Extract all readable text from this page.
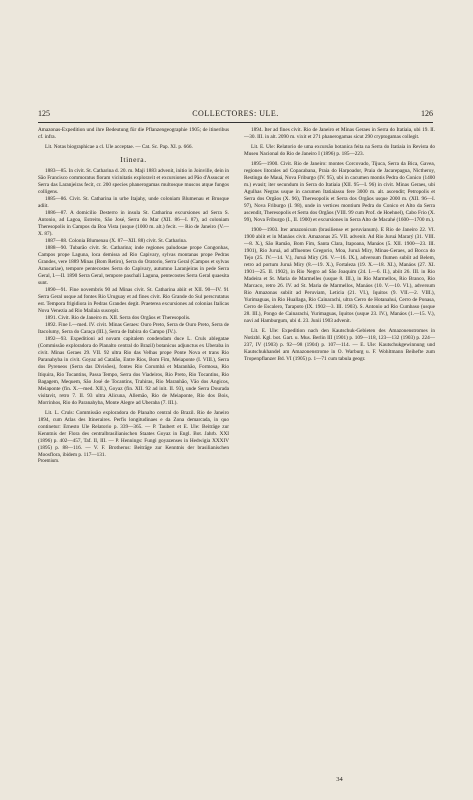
125	COLLECTORES: ULE.	126

Amazonas-Expedition und ihre Bedeutung für die Pflanzengeographie 1905; de itineribus cf. infra.

Lit. Notas biographicae a cl. Ule acceptae. — Cat. Sc. Pap. XI. p. 666.

Itinera.

1883—85. In civit. St. Catharina d. 20. m. Maji 1883 advenit, initio in Joinville, dein in São Francisco commoratus floram vicinitatis exploravit et excursiones ad Pão d'Assucar et Serra das Laranjeiras fecit, cr. 200 species phanerogamas multosque muscos atque fungos colligens.

1885—86. Civit. St. Catharina in urbe Itajahy, unde coloniam Blumenau et Brusque adiit.

1886—87. A domicilio Desterro in insula St. Catharina excursiones ad Serra S. Antonio, ad Lagoa, Estreito, São José, Serra do Mar (XII. 86—I. 87), ad coloniam Theresopolis in Campos da Boa Vista (usque (1000 m. alt.) fecit. — Rio de Janeiro (V.—X. 87).

1887—88. Colonia Blumenau (X. 87—XII. 88) civit. St. Catharina.

1888—90. Tubarão civit. St. Catharina; inde regiones paludosae prope Congonhas, Campos prope Laguna, loca demissa ad Rio Capivary, sylvas montanas prope Pedras Grandes, vere 1889 Minas (Bom Retiro), Serra do Oratorio, Serra Geral (Campos et sylvas Araucariae), tempore pentecostes Serra do Capivary, autumno Laranjeiras in pede Serra Geral, I.—II. 1890 Serra Geral, tempore paschali Laguna, pentecostes Serra Geral quaesita sunt.

1890—91. Fine novembris 90 ad Minas civit. St. Catharina abiit et XII. 90—IV. 91 Serra Geral usque ad fontes Rio Uruguay et ad fines civit. Rio Grande do Sul perscrutatus est. Tempora frigidiora in Pedras Grandes degit. Praeterea excursiones ad colonias Italicas Nova Venezia ad Rio Mailaia suscepit.

1891. Civit. Rio de Janeiro m. XII. Serra dos Orgãos et Theresopolis.

1892. Fine I.—med. IV. civit. Minas Geraes: Ouro Preto, Serra de Ouro Preto, Serra de Itacolumy, Serra do Caraça (III.), Serra de Itabira do Campo (IV.).

1892—93. Expeditioni ad novam capitalem condendam duce L. Cruls ablegatae (Commissão exploradora do Planalto central do Brazil) botanicus adjunctus ex Uberaba in civit. Minas Geraes 29. VII. 92 ultra Rio das Velhas prope Ponte Nova et trans Rio Paranahyba in civit. Goyaz ad Catalão, Entre Rios, Bom Fim, Meiaponte (I. VIII.), Serra dos Pyreneos (Serra das Divisões), fontes Rio Corumbá et Maranhão, Formosa, Rio Itiquira, Rio Tocantins, Passa Tempo, Serra dos Viadeiros, Rio Preto, Rio Tocantins, Rio Bagagem, Mequem, São José de Tocantins, Trahiras, Rio Maranhão, Vão dos Angicos, Meiaponte (fin. X.—med. XII.), Goyaz (fin. XII. 92 ad init. II. 93), unde Serra Dourada visitavit, retro 7. II. 93 ultra Alicuna, Allemão, Rio de Meiaponte, Rio dos Bois, Morrinhos, Rio do Paranahyba, Monte Alegre ad Uberaba (7. III.).

Lit. L. Cruls: Commissão exploradora do Planalto central do Brazil. Rio de Janeiro 1894, cum Atlas des Itineraires. Perfis longitudinaes e da Zona demarcada, in quo continetur: Ernesto Ule Relatorio p. 339—365. — P. Taubert et E. Ule: Beiträge zur Kenntnis der Flora des centralbrasilianischen Staates Goyaz in Engl. Bot. Jahrb. XXI (1896) p. 402—457, Taf. II, III. — P. Hennings: Fungi goyazenses in Hedwigia XXXIV (1895) p. 88—116. — V. F. Brotherus: Beiträge zur Kenntnis der brasilianischen Moosflora, ibidem p. 117—131.

Proemium.

1894. Iter ad fines civit. Rio de Janeiro et Minas Geraes in Serra do Itatiaia, ubi 19. II.—30. III. in alt. 2090 m. vixit et 271 phanerogamas sicut 290 cryptogamas collegit.

Lit. E. Ule: Relatorio de uma excursão botanica feita na Serra do Itatiaia in Revista do Museu Nacional do Rio de Janeiro I (1896) p. 185—223.

1895—1900. Civit. Rio de Janeiro: montes Corcovado, Tijuca, Serra da Bica, Gavea, regiones litorales ad Copacabana, Praia do Harpoador, Praia de Jacarepagua, Nictheroy, Restinga de Mauá, Nova Friburgo (IV. 95), ubi in cacumen montis Pedra do Conico (1400 m.) evasit; iter secundum in Serra do Itatiaia (XII. 95—I. 96) in civit. Minas Geraes, ubi Agulhas Negras usque in cacumen Itatiaiassu fere 3000 m. alt. ascendit; Petropolis et Serra dos Orgãos (X. 96), Theresopolis et Serra dos Orgãos usque 2000 m. (XII. 96—I. 97), Nova Friburgo (I. 98), unde in vertices montium Pedra do Conico et Alto da Serra ascendit, Theresopolis et Serra dos Orgãos (VIII. 99 cum Prof. de Hoehnel), Cabo Frio (X. 99), Nova Friburgo (I., II. 1900) et excursiones in Serra Alto de Macahé (1600—1700 m.).

1900—1903. Iter amazonicum (brasiliense et peruvianum). E Rio de Janeiro 22. VI. 1900 abiit et in Manáos civit. Amazonas 25. VII. advenit. Ad Rio Juruá Mararý (31. VIII.—8. X.), São Ramão, Bom Fim, Santa Clara, Itapoana, Manáos (5. XII. 1900—23. III. 1901), Rio Juruá, ad affluentes Gregorio, Moa, Juruá Miry, Minas-Geraes, ad Bocca do Tejo (25. IV.—14. V.), Juruá Miry (26. V.—16. IX.), adversum flumen subiit ad Belem, retro ad portum Juruá Miry (8.—19. X.), Fortaleza (19. X.—18. XI.), Manáos (27. XI. 1901—25. II. 1902), in Rio Negro ad São Joaquim (24. I.—6. II.), abiit 26. III. in Rio Madeira et St. Maria de Marmelles (usque 8. III.), in Rio Marmellos, Rio Branco, Rio Marcaco, retro 26. IV. ad St. Maria de Marmellos, Manáos (10. V.—10. VI.), adversum Rio Amazonas subiit ad Peruviam, Leticia (21. VI.), Iquitos (9. VII.—2. VIII.), Yurimaguas, in Rio Huallaga, Rio Cainarachi, ultra Cerro de Hotanahui, Cerro de Ponasa, Cerro de Escalero, Tarapoto (IX. 1902—3. III. 1903). S. Antonio ad Rio Cumbaso (usque 28. III.), Pongo de Cainarachi, Yurimaguas, Iquitos (usque 23. IV.), Manáos (1.—15. V.), navi ad Hamburgum, ubi d. 23. Junii 1903 advenit.

Lit. E. Ule: Expedition nach den Kautschuk-Gebieten des Amazonenstromes in Notizbl. Kgl. bot. Gart. u. Mus. Berlin III (1901) p. 109—118, 123—132 (1903) p. 224—237, IV (1903) p. 92—98 (1904) p. 107—114. — E. Ule: Kautschukgewinnung und Kautschukhandel am Amazonenstrome in O. Warburg u. F. Wohltmann Beihefte zum Tropenpflanzer Bd. VI (1905) p. 1—71 cum tabula geogr.

34
